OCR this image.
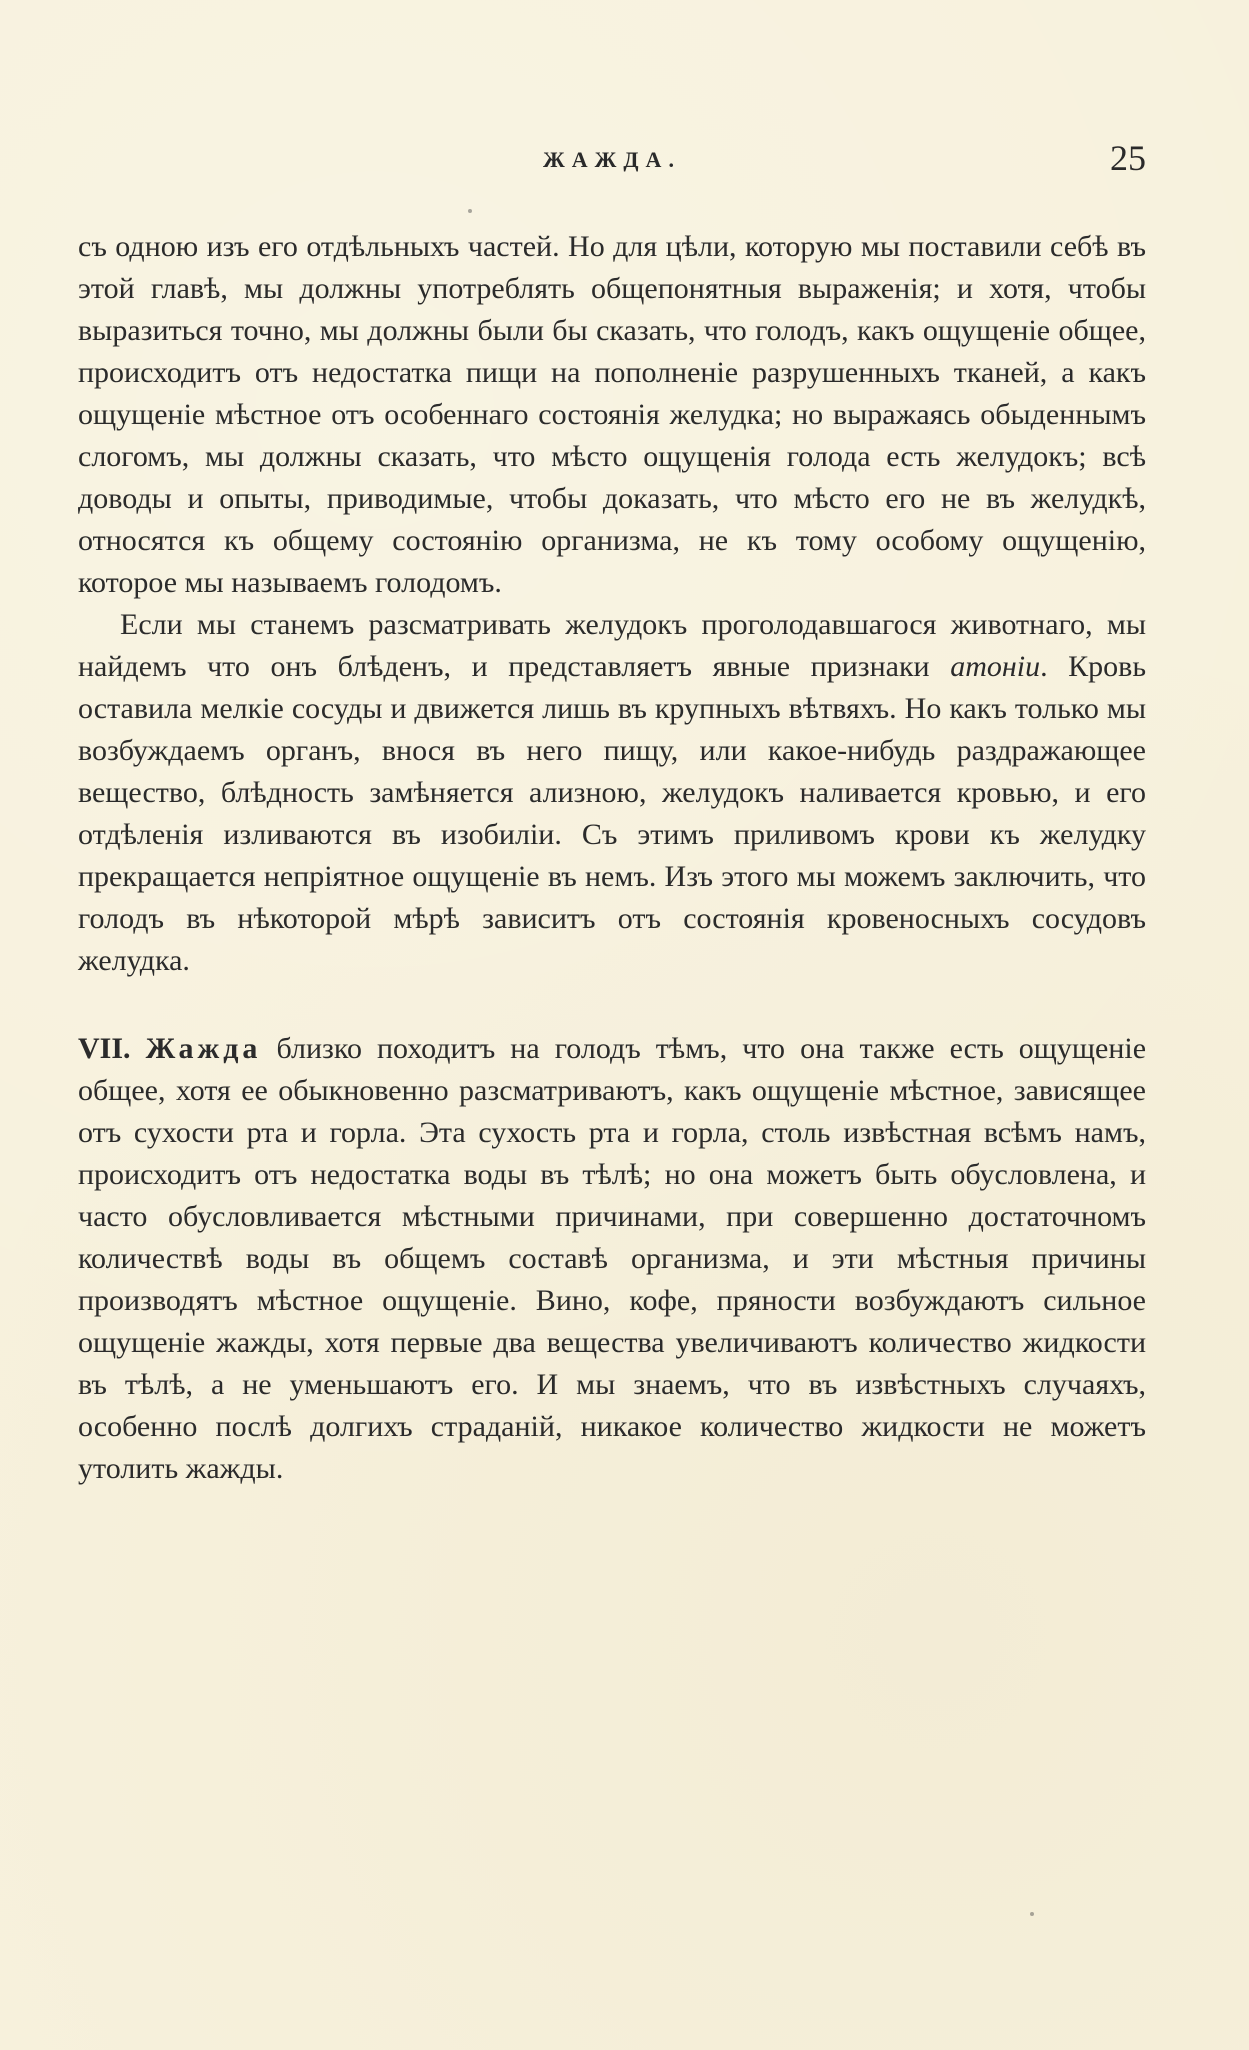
ЖАЖДА.	25

съ одною изъ его отдѣльныхъ частей. Но для цѣли, которую мы поставили себѣ въ этой главѣ, мы должны употреблять общепонятныя выраженія; и хотя, чтобы выразиться точно, мы должны были бы сказать, что голодъ, какъ ощущеніе общее, происходитъ отъ недостатка пищи на пополненіе разрушенныхъ тканей, а какъ ощущеніе мѣстное отъ особеннаго состоянія желудка; но выражаясь обыденнымъ слогомъ, мы должны сказать, что мѣсто ощущенія голода есть желудокъ; всѣ доводы и опыты, приводимые, чтобы доказать, что мѣсто его не въ желудкѣ, относятся къ общему состоянію организма, не къ тому особому ощущенію, которое мы называемъ голодомъ.

Если мы станемъ разсматривать желудокъ проголодавшагося животнаго, мы найдемъ что онъ блѣденъ, и представляетъ явные признаки атоніи. Кровь оставила мелкіе сосуды и движется лишь въ крупныхъ вѣтвяхъ. Но какъ только мы возбуждаемъ органъ, внося въ него пищу, или какое-нибудь раздражающее вещество, блѣдность замѣняется ализною, желудокъ наливается кровью, и его отдѣленія изливаются въ изобиліи. Съ этимъ приливомъ крови къ желудку прекращается непріятное ощущеніе въ немъ. Изъ этого мы можемъ заключить, что голодъ въ нѣкоторой мѣрѣ зависитъ отъ состоянія кровеносныхъ сосудовъ желудка.

VII. Жажда близко походитъ на голодъ тѣмъ, что она также есть ощущеніе общее, хотя ее обыкновенно разсматриваютъ, какъ ощущеніе мѣстное, зависящее отъ сухости рта и горла. Эта сухость рта и горла, столь извѣстная всѣмъ намъ, происходитъ отъ недостатка воды въ тѣлѣ; но она можетъ быть обусловлена, и часто обусловливается мѣстными причинами, при совершенно достаточномъ количествѣ воды въ общемъ составѣ организма, и эти мѣстныя причины производятъ мѣстное ощущеніе. Вино, кофе, пряности возбуждаютъ сильное ощущеніе жажды, хотя первые два вещества увеличиваютъ количество жидкости въ тѣлѣ, а не уменьшаютъ его. И мы знаемъ, что въ извѣстныхъ случаяхъ, особенно послѣ долгихъ страданій, никакое количество жидкости не можетъ утолить жажды.
